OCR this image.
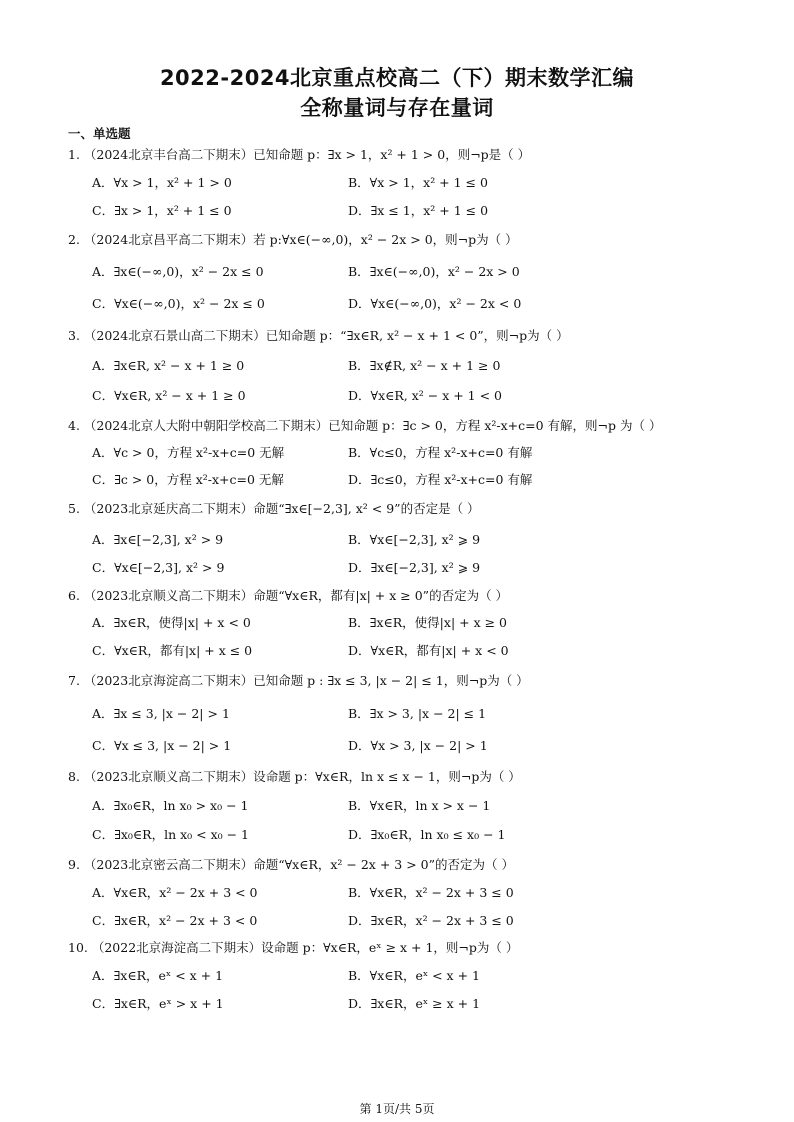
2022-2024北京重点校高二（下）期末数学汇编
全称量词与存在量词
一、单选题
1. （2024北京丰台高二下期末）已知命题 p：∃x > 1，x² + 1 > 0，则¬p是（ ）
A．∀x > 1，x² + 1 > 0	B．∀x > 1，x² + 1 ≤ 0
C．∃x > 1，x² + 1 ≤ 0	D．∃x ≤ 1，x² + 1 ≤ 0
2. （2024北京昌平高二下期末）若 p:∀x∈(−∞,0)，x² − 2x > 0，则¬p为（ ）
A．∃x∈(−∞,0)，x² − 2x ≤ 0	B．∃x∈(−∞,0)，x² − 2x > 0
C．∀x∈(−∞,0)，x² − 2x ≤ 0	D．∀x∈(−∞,0)，x² − 2x < 0
3. （2024北京石景山高二下期末）已知命题 p：“∃x∈R, x² − x + 1 < 0”，则¬p为（ ）
A．∃x∈R, x² − x + 1 ≥ 0	B．∃x∉R, x² − x + 1 ≥ 0
C．∀x∈R, x² − x + 1 ≥ 0	D．∀x∈R, x² − x + 1 < 0
4. （2024北京人大附中朝阳学校高二下期末）已知命题 p：∃c > 0，方程 x²-x+c=0 有解，则¬p 为（ ）
A．∀c > 0，方程 x²-x+c=0 无解	B．∀c≤0，方程 x²-x+c=0 有解
C．∃c > 0，方程 x²-x+c=0 无解	D．∃c≤0，方程 x²-x+c=0 有解
5. （2023北京延庆高二下期末）命题“∃x∈[−2,3], x² < 9”的否定是（ ）
A．∃x∈[−2,3], x² > 9	B．∀x∈[−2,3], x² ⩾ 9
C．∀x∈[−2,3], x² > 9	D．∃x∈[−2,3], x² ⩾ 9
6. （2023北京顺义高二下期末）命题“∀x∈R，都有|x| + x ≥ 0”的否定为（ ）
A．∃x∈R，使得|x| + x < 0	B．∃x∈R，使得|x| + x ≥ 0
C．∀x∈R，都有|x| + x ≤ 0	D．∀x∈R，都有|x| + x < 0
7. （2023北京海淀高二下期末）已知命题 p : ∃x ≤ 3, |x − 2| ≤ 1，则¬p为（ ）
A．∃x ≤ 3, |x − 2| > 1	B．∃x > 3, |x − 2| ≤ 1
C．∀x ≤ 3, |x − 2| > 1	D．∀x > 3, |x − 2| > 1
8. （2023北京顺义高二下期末）设命题 p：∀x∈R，ln x ≤ x − 1，则¬p为（ ）
A．∃x₀∈R，ln x₀ > x₀ − 1	B．∀x∈R，ln x > x − 1
C．∃x₀∈R，ln x₀ < x₀ − 1	D．∃x₀∈R，ln x₀ ≤ x₀ − 1
9. （2023北京密云高二下期末）命题“∀x∈R，x² − 2x + 3 > 0”的否定为（ ）
A．∀x∈R，x² − 2x + 3 < 0	B．∀x∈R，x² − 2x + 3 ≤ 0
C．∃x∈R，x² − 2x + 3 < 0	D．∃x∈R，x² − 2x + 3 ≤ 0
10. （2022北京海淀高二下期末）设命题 p：∀x∈R，eˣ ≥ x + 1，则¬p为（ ）
A．∃x∈R，eˣ < x + 1	B．∀x∈R，eˣ < x + 1
C．∃x∈R，eˣ > x + 1	D．∃x∈R，eˣ ≥ x + 1
第 1页/共 5页
